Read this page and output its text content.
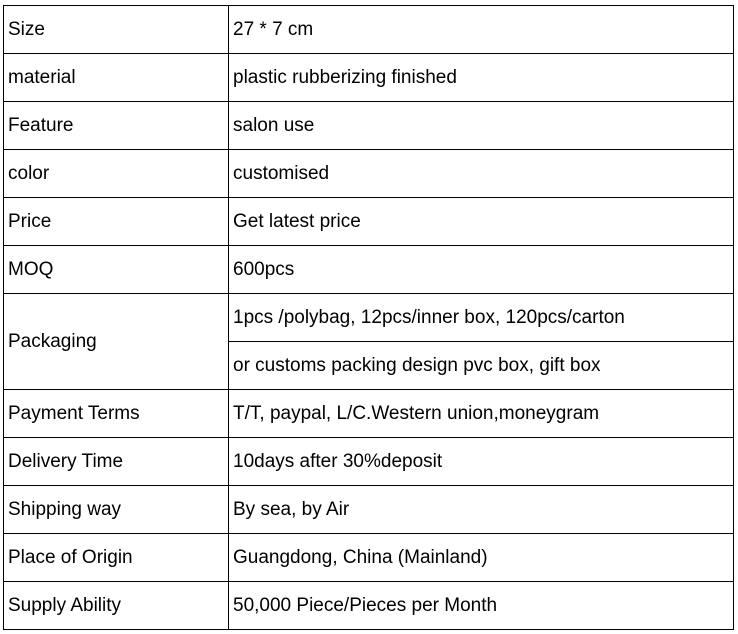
Size	27 * 7 cm
material	plastic rubberizing finished
Feature	salon use
color	customised
Price	Get latest price
MOQ	600pcs
Packaging	1pcs /polybag, 12pcs/inner box, 120pcs/carton
	or customs packing design pvc box, gift box
Payment Terms	T/T, paypal, L/C.Western union,moneygram
Delivery Time	10days after 30%deposit
Shipping way	By sea, by Air
Place of Origin	Guangdong, China (Mainland)
Supply Ability	50,000 Piece/Pieces per Month
